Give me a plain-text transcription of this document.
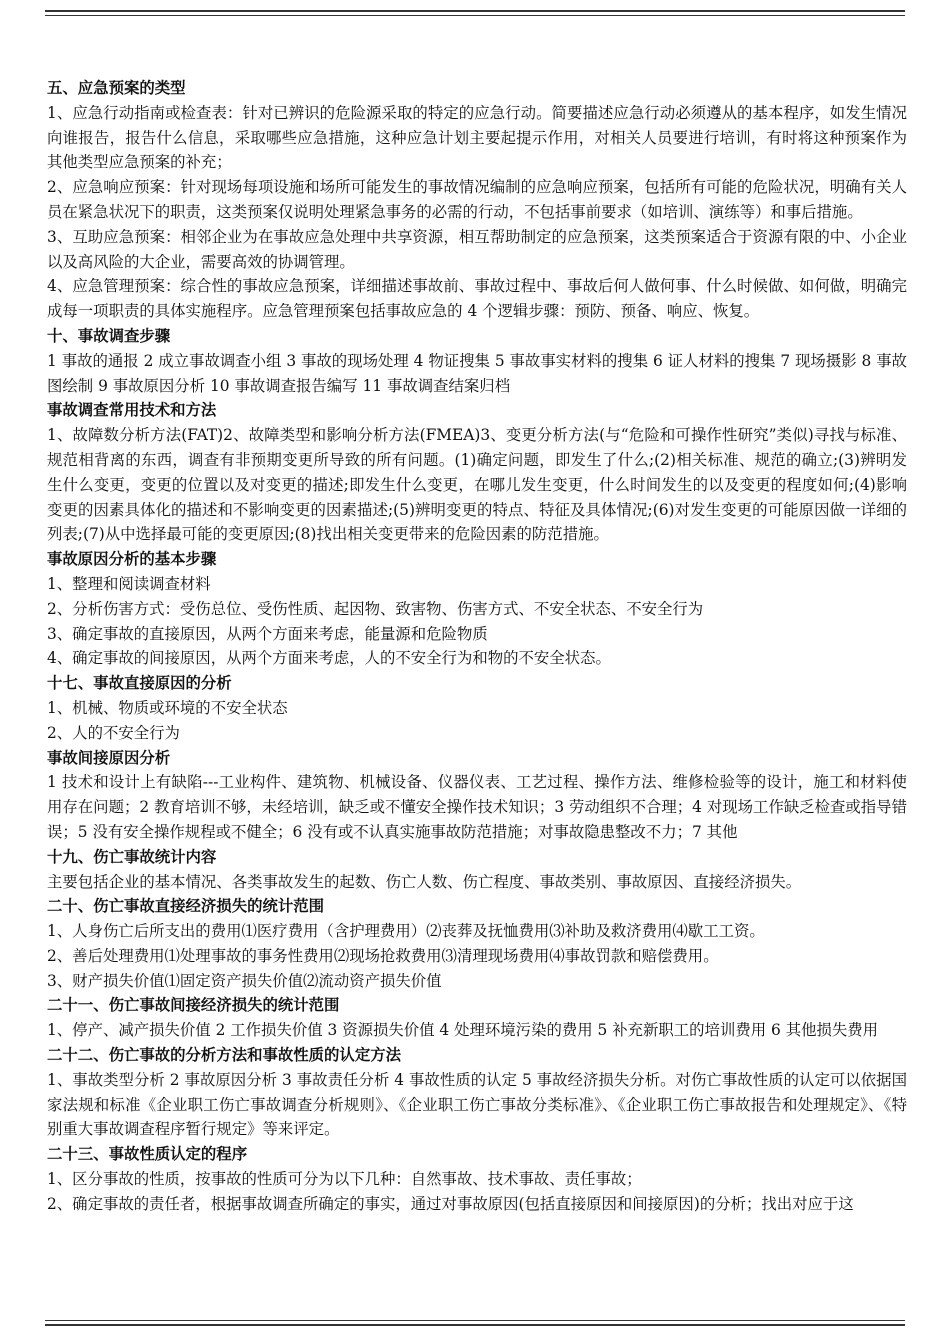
五、应急预案的类型

1、应急行动指南或检查表：针对已辨识的危险源采取的特定的应急行动。简要描述应急行动必须遵从的基本程序，如发生情况向谁报告，报告什么信息，采取哪些应急措施，这种应急计划主要起提示作用，对相关人员要进行培训，有时将这种预案作为其他类型应急预案的补充；

2、应急响应预案：针对现场每项设施和场所可能发生的事故情况编制的应急响应预案，包括所有可能的危险状况，明确有关人员在紧急状况下的职责，这类预案仅说明处理紧急事务的必需的行动，不包括事前要求（如培训、演练等）和事后措施。

3、互助应急预案：相邻企业为在事故应急处理中共享资源，相互帮助制定的应急预案，这类预案适合于资源有限的中、小企业以及高风险的大企业，需要高效的协调管理。

4、应急管理预案：综合性的事故应急预案，详细描述事故前、事故过程中、事故后何人做何事、什么时候做、如何做，明确完成每一项职责的具体实施程序。应急管理预案包括事故应急的 4 个逻辑步骤：预防、预备、响应、恢复。

十、事故调查步骤

1 事故的通报 2 成立事故调查小组 3 事故的现场处理 4 物证搜集 5 事故事实材料的搜集 6 证人材料的搜集 7 现场摄影 8 事故图绘制 9 事故原因分析 10 事故调查报告编写 11 事故调查结案归档

事故调查常用技术和方法

1、故障数分析方法(FAT)2、故障类型和影响分析方法(FMEA)3、变更分析方法(与“危险和可操作性研究”类似)寻找与标准、规范相背离的东西，调查有非预期变更所导致的所有问题。(1)确定问题，即发生了什么;(2)相关标准、规范的确立;(3)辨明发生什么变更，变更的位置以及对变更的描述;即发生什么变更，在哪儿发生变更，什么时间发生的以及变更的程度如何;(4)影响变更的因素具体化的描述和不影响变更的因素描述;(5)辨明变更的特点、特征及具体情况;(6)对发生变更的可能原因做一详细的列表;(7)从中选择最可能的变更原因;(8)找出相关变更带来的危险因素的防范措施。

事故原因分析的基本步骤

1、整理和阅读调查材料

2、分析伤害方式：受伤总位、受伤性质、起因物、致害物、伤害方式、不安全状态、不安全行为

3、确定事故的直接原因，从两个方面来考虑，能量源和危险物质

4、确定事故的间接原因，从两个方面来考虑，人的不安全行为和物的不安全状态。

十七、事故直接原因的分析

1、机械、物质或环境的不安全状态

2、人的不安全行为

事故间接原因分析

1 技术和设计上有缺陷---工业构件、建筑物、机械设备、仪器仪表、工艺过程、操作方法、维修检验等的设计，施工和材料使用存在问题；2 教育培训不够，未经培训，缺乏或不懂安全操作技术知识；3 劳动组织不合理；4 对现场工作缺乏检查或指导错误；5 没有安全操作规程或不健全；6 没有或不认真实施事故防范措施；对事故隐患整改不力；7 其他

十九、伤亡事故统计内容

主要包括企业的基本情况、各类事故发生的起数、伤亡人数、伤亡程度、事故类别、事故原因、直接经济损失。

二十、伤亡事故直接经济损失的统计范围

1、人身伤亡后所支出的费用⑴医疗费用（含护理费用）⑵丧葬及抚恤费用⑶补助及救济费用⑷歇工工资。

2、善后处理费用⑴处理事故的事务性费用⑵现场抢救费用⑶清理现场费用⑷事故罚款和赔偿费用。

3、财产损失价值⑴固定资产损失价值⑵流动资产损失价值

二十一、伤亡事故间接经济损失的统计范围

1、停产、减产损失价值 2 工作损失价值 3 资源损失价值 4 处理环境污染的费用 5 补充新职工的培训费用 6 其他损失费用

二十二、伤亡事故的分析方法和事故性质的认定方法

1、事故类型分析 2 事故原因分析 3 事故责任分析 4 事故性质的认定 5 事故经济损失分析。对伤亡事故性质的认定可以依据国家法规和标准《企业职工伤亡事故调查分析规则》、《企业职工伤亡事故分类标准》、《企业职工伤亡事故报告和处理规定》、《特别重大事故调查程序暂行规定》等来评定。

二十三、事故性质认定的程序

1、区分事故的性质，按事故的性质可分为以下几种：自然事故、技术事故、责任事故；

2、确定事故的责任者，根据事故调查所确定的事实，通过对事故原因(包括直接原因和间接原因)的分析；找出对应于这
